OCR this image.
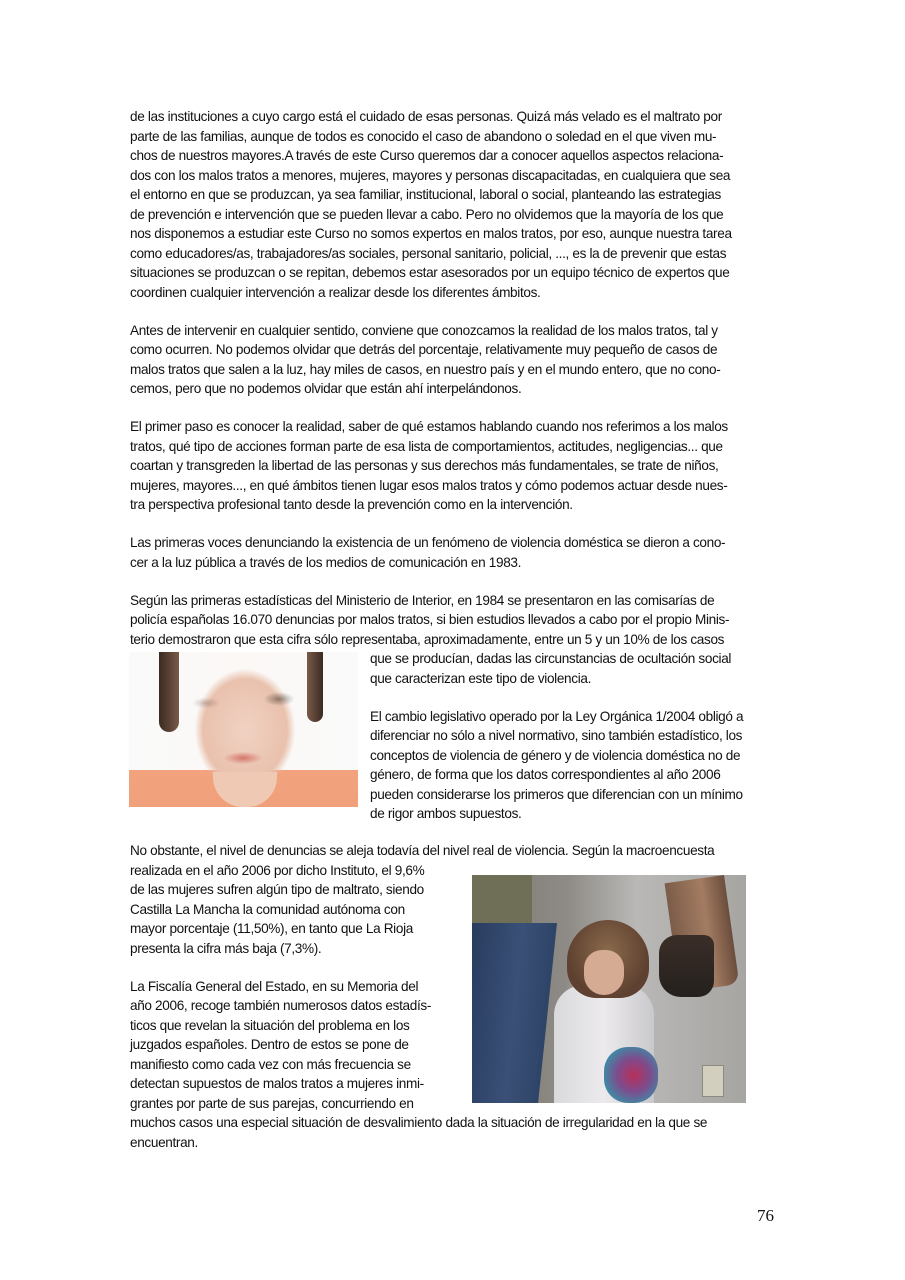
de las instituciones a cuyo cargo está el cuidado de esas personas. Quizá más velado es el maltrato por
parte de las familias, aunque de todos es conocido el caso de abandono o soledad en el que viven mu-
chos de nuestros mayores.A través de este Curso queremos dar a conocer aquellos aspectos relaciona-
dos con los malos tratos a menores, mujeres, mayores y personas discapacitadas, en cualquiera que sea
el entorno en que se produzcan, ya sea familiar, institucional, laboral o social, planteando las estrategias
de prevención e intervención que se pueden llevar a cabo. Pero no olvidemos que la mayoría de los que
nos disponemos a estudiar este Curso no somos expertos en malos tratos, por eso, aunque nuestra tarea
como educadores/as, trabajadores/as sociales, personal sanitario, policial, ..., es la de prevenir que estas
situaciones se produzcan o se repitan, debemos estar asesorados por un equipo técnico de expertos que
coordinen cualquier intervención a realizar desde los diferentes ámbitos.
Antes de intervenir en cualquier sentido, conviene que conozcamos la realidad de los malos tratos, tal y
como ocurren. No podemos olvidar que detrás del porcentaje, relativamente muy pequeño de casos de
malos tratos que salen a la luz, hay miles de casos, en nuestro país y en el mundo entero, que no cono-
cemos, pero que no podemos olvidar que están ahí interpelándonos.
El primer paso es conocer la realidad, saber de qué estamos hablando cuando nos referimos a los malos
tratos, qué tipo de acciones forman parte de esa lista de comportamientos, actitudes, negligencias... que
coartan y transgreden la libertad de las personas y sus derechos más fundamentales, se trate de niños,
mujeres, mayores..., en qué ámbitos tienen lugar esos malos tratos y cómo podemos actuar desde nues-
tra perspectiva profesional tanto desde la prevención como en la intervención.
Las primeras voces denunciando la existencia de un fenómeno de violencia doméstica se dieron a cono-
cer a la luz pública a través de los medios de comunicación en 1983.
Según las primeras estadísticas del Ministerio de Interior, en 1984 se presentaron en las comisarías de
policía españolas 16.070 denuncias por malos tratos, si bien estudios llevados a cabo por el propio Minis-
terio demostraron que esta cifra sólo representaba, aproximadamente, entre un 5 y un 10% de los casos
que se producían, dadas las circunstancias de ocultación social
que caracterizan este tipo de violencia.
El cambio legislativo operado por la Ley Orgánica 1/2004 obligó a
diferenciar no sólo a nivel normativo, sino también estadístico, los
conceptos de violencia de género y de violencia doméstica no de
género, de forma que los datos correspondientes al año 2006
pueden considerarse los primeros que diferencian con un mínimo
de rigor ambos supuestos.
No obstante, el nivel de denuncias se aleja todavía del nivel real de violencia. Según la macroencuesta
realizada en el año 2006 por dicho Instituto, el 9,6%
de las mujeres sufren algún tipo de maltrato, siendo
Castilla La Mancha la comunidad autónoma con
mayor porcentaje (11,50%), en tanto que La Rioja
presenta la cifra más baja (7,3%).
La Fiscalía General del Estado, en su Memoria del
año 2006, recoge también numerosos datos estadís-
ticos que revelan la situación del problema en los
juzgados españoles. Dentro de estos se pone de
manifiesto como cada vez con más frecuencia se
detectan supuestos de malos tratos a mujeres inmi-
grantes por parte de sus parejas, concurriendo en
muchos casos una especial situación de desvalimiento dada la situación de irregularidad en la que se
encuentran.
76
